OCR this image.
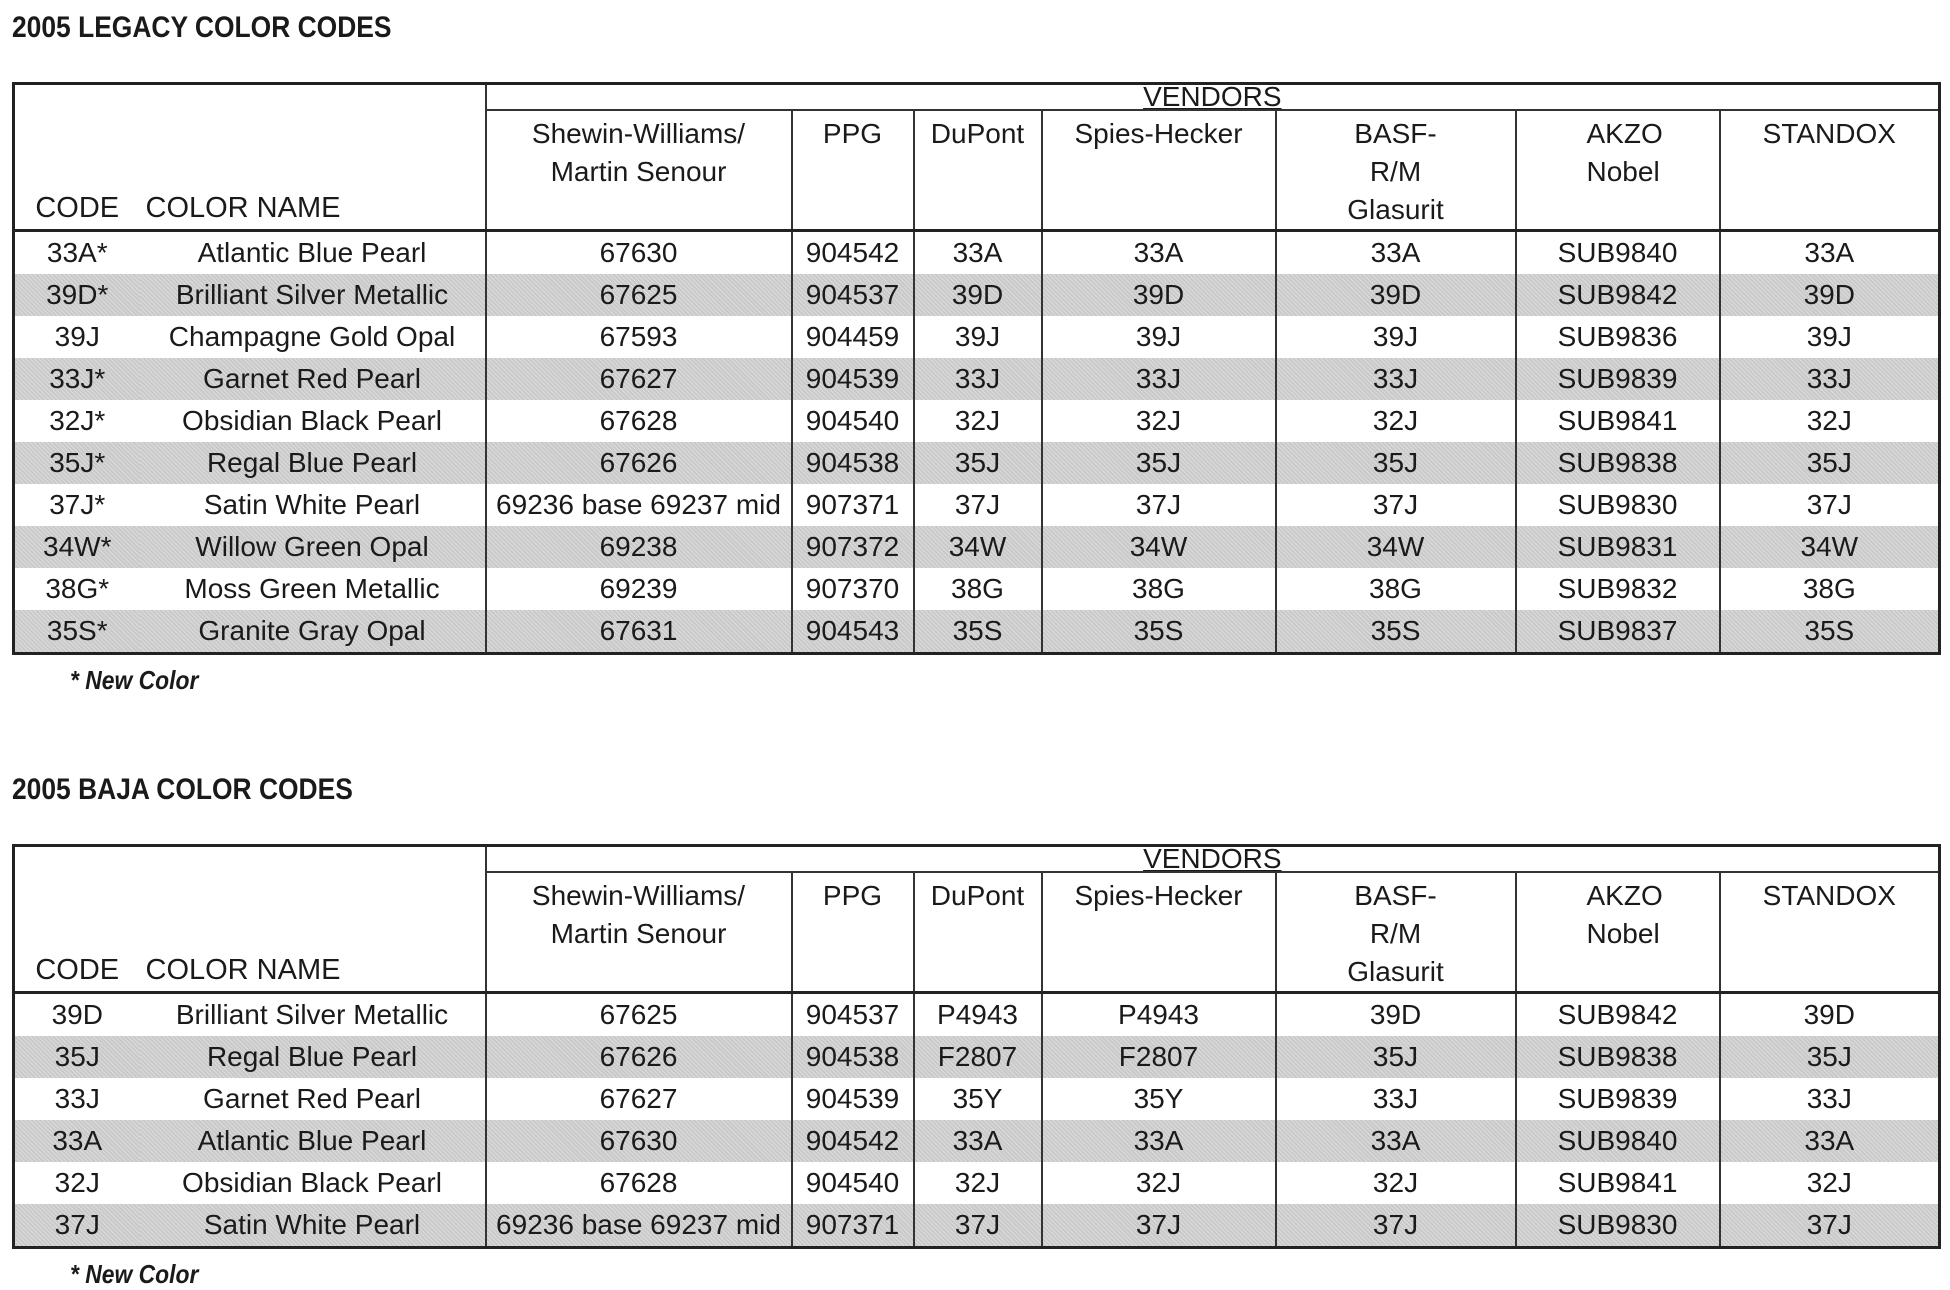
2005 LEGACY COLOR CODES
		VENDORS						
CODE	COLOR NAME	Shewin-Williams/ Martin Senour	PPG	DuPont	Spies-Hecker	BASF-R/M Glasurit	AKZO Nobel	STANDOX
33A*	Atlantic Blue Pearl	67630	904542	33A	33A	33A	SUB9840	33A
39D*	Brilliant Silver Metallic	67625	904537	39D	39D	39D	SUB9842	39D
39J	Champagne Gold Opal	67593	904459	39J	39J	39J	SUB9836	39J
33J*	Garnet Red Pearl	67627	904539	33J	33J	33J	SUB9839	33J
32J*	Obsidian Black Pearl	67628	904540	32J	32J	32J	SUB9841	32J
35J*	Regal Blue Pearl	67626	904538	35J	35J	35J	SUB9838	35J
37J*	Satin White Pearl	69236 base 69237 mid	907371	37J	37J	37J	SUB9830	37J
34W*	Willow Green Opal	69238	907372	34W	34W	34W	SUB9831	34W
38G*	Moss Green Metallic	69239	907370	38G	38G	38G	SUB9832	38G
35S*	Granite Gray Opal	67631	904543	35S	35S	35S	SUB9837	35S
* New Color
2005 BAJA COLOR CODES
		VENDORS						
CODE	COLOR NAME	Shewin-Williams/ Martin Senour	PPG	DuPont	Spies-Hecker	BASF-R/M Glasurit	AKZO Nobel	STANDOX
39D	Brilliant Silver Metallic	67625	904537	P4943	P4943	39D	SUB9842	39D
35J	Regal Blue Pearl	67626	904538	F2807	F2807	35J	SUB9838	35J
33J	Garnet Red Pearl	67627	904539	35Y	35Y	33J	SUB9839	33J
33A	Atlantic Blue Pearl	67630	904542	33A	33A	33A	SUB9840	33A
32J	Obsidian Black Pearl	67628	904540	32J	32J	32J	SUB9841	32J
37J	Satin White Pearl	69236 base 69237 mid	907371	37J	37J	37J	SUB9830	37J
* New Color
